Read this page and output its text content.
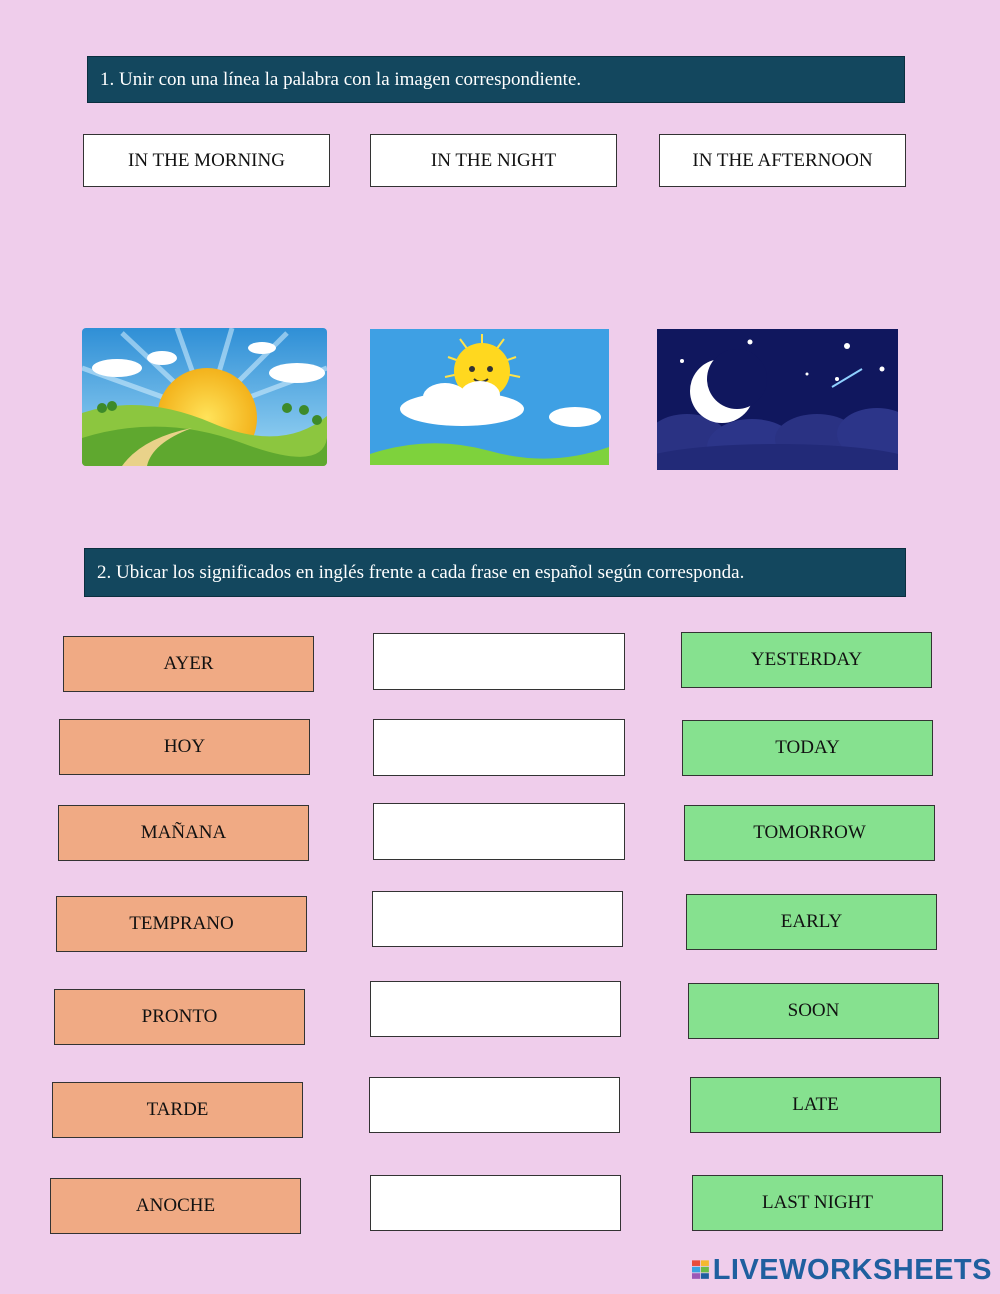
1. Unir con una línea la palabra con la imagen correspondiente.
IN THE MORNING	IN THE NIGHT	IN THE AFTERNOON
2. Ubicar los significados en inglés frente a cada frase en español según corresponda.
AYER
HOY
MAÑANA
TEMPRANO
PRONTO
TARDE
ANOCHE
YESTERDAY
TODAY
TOMORROW
EARLY
SOON
LATE
LAST NIGHT
LIVEWORKSHEETS
